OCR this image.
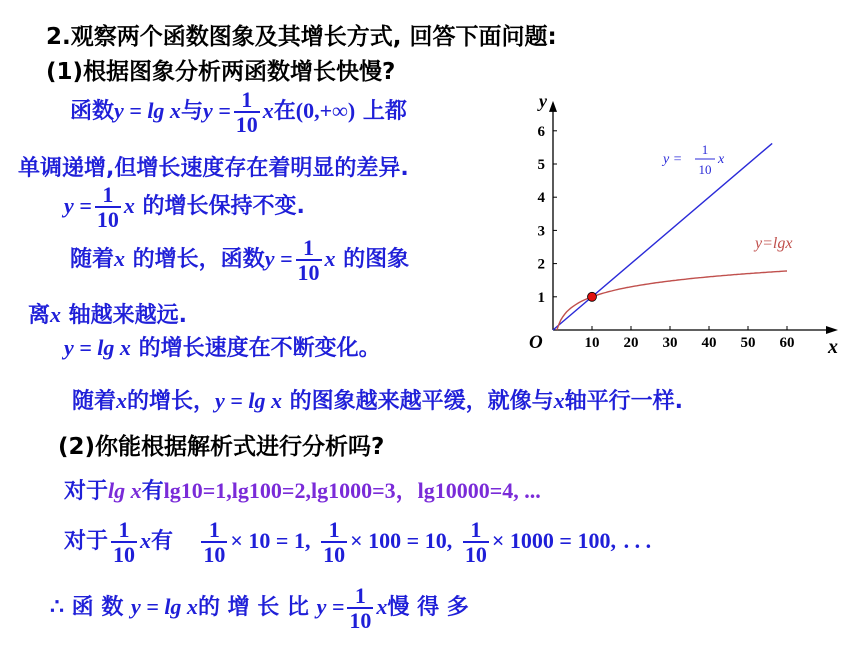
2.观察两个函数图象及其增长方式, 回答下面问题:
(1)根据图象分析两函数增长快慢?
函数y = lg x与$y = \frac{1}{10}$ x在(0,+∞) 上都
单调递增,但增长速度存在着明显的差异.
$y = \frac{1}{10}$ x 的增长保持不变.
随着x 的增长，函数$y = \frac{1}{10}$ x 的图象
离x 轴越来越远.
y = lg x 的增长速度在不断变化。
随着x的增长，y = lg x 的图象越来越平缓，就像与x轴平行一样.
(2)你能根据解析式进行分析吗?
对于lg x有lg10=1,lg100=2,lg1000=3，lg10000=4, ...
对于 $\frac{1}{10}$ x有 $\frac{1}{10} \times 10 = 1$, $\frac{1}{10} \times 100 = 10$, $\frac{1}{10} \times 1000 = 100$, . . .
∴ 函 数 y = lg x的 增 长 比 $y = \frac{1}{10}$ x慢 得 多
10 20 30 40 50 60
1
2
3
4
5
6
x
y
O
y=lgx
y =
1
10
x
